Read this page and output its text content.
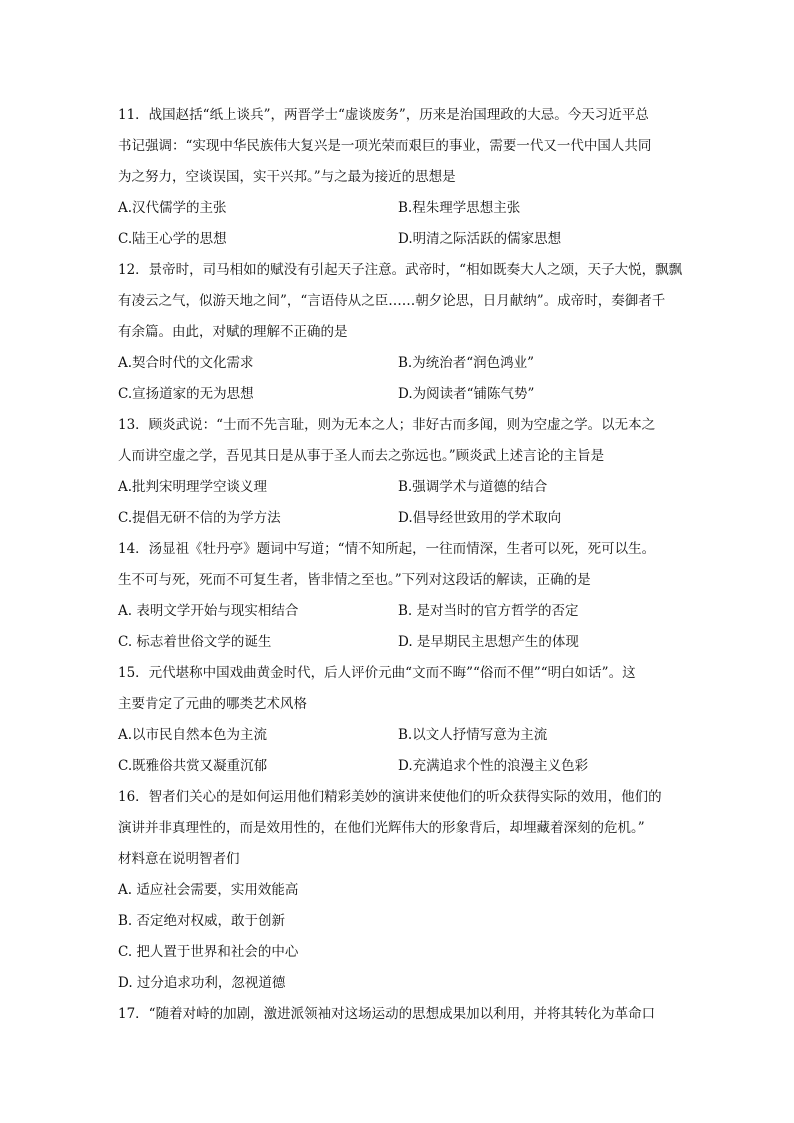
11．战国赵括“纸上谈兵”，两晋学士“虚谈废务”，历来是治国理政的大忌。今天习近平总
书记强调：“实现中华民族伟大复兴是一项光荣而艰巨的事业，需要一代又一代中国人共同
为之努力，空谈误国，实干兴邦。”与之最为接近的思想是
A.汉代儒学的主张	B.程朱理学思想主张
C.陆王心学的思想	D.明清之际活跃的儒家思想
12．景帝时，司马相如的赋没有引起天子注意。武帝时，“相如既奏大人之颂，天子大悦，飘飘
有凌云之气，似游天地之间”，“言语侍从之臣……朝夕论思，日月献纳”。成帝时，奏御者千
有余篇。由此，对赋的理解不正确的是
A.契合时代的文化需求	B.为统治者“润色鸿业”
C.宣扬道家的无为思想	D.为阅读者“铺陈气势”
13．顾炎武说：“士而不先言耻，则为无本之人；非好古而多闻，则为空虚之学。以无本之
人而讲空虚之学，吾见其日是从事于圣人而去之弥远也。”顾炎武上述言论的主旨是
A.批判宋明理学空谈义理	B.强调学术与道德的结合
C.提倡无研不信的为学方法	D.倡导经世致用的学术取向
14．汤显祖《牡丹亭》题词中写道；“情不知所起，一往而情深，生者可以死，死可以生。
生不可与死，死而不可复生者，皆非情之至也。”下列对这段话的解读，正确的是
A. 表明文学开始与现实相结合	B. 是对当时的官方哲学的否定
C. 标志着世俗文学的诞生	D. 是早期民主思想产生的体现
15．元代堪称中国戏曲黄金时代，后人评价元曲“文而不晦”“俗而不俚”“明白如话”。这
主要肯定了元曲的哪类艺术风格
A.以市民自然本色为主流	B.以文人抒情写意为主流
C.既雅俗共赏又凝重沉郁	D.充满追求个性的浪漫主义色彩
16．智者们关心的是如何运用他们精彩美妙的演讲来使他们的听众获得实际的效用，他们的
演讲并非真理性的，而是效用性的，在他们光辉伟大的形象背后，却埋藏着深刻的危机。”
材料意在说明智者们
A. 适应社会需要，实用效能高
B. 否定绝对权威，敢于创新
C. 把人置于世界和社会的中心
D. 过分追求功利，忽视道德
17．“随着对峙的加剧，激进派领袖对这场运动的思想成果加以利用，并将其转化为革命口
